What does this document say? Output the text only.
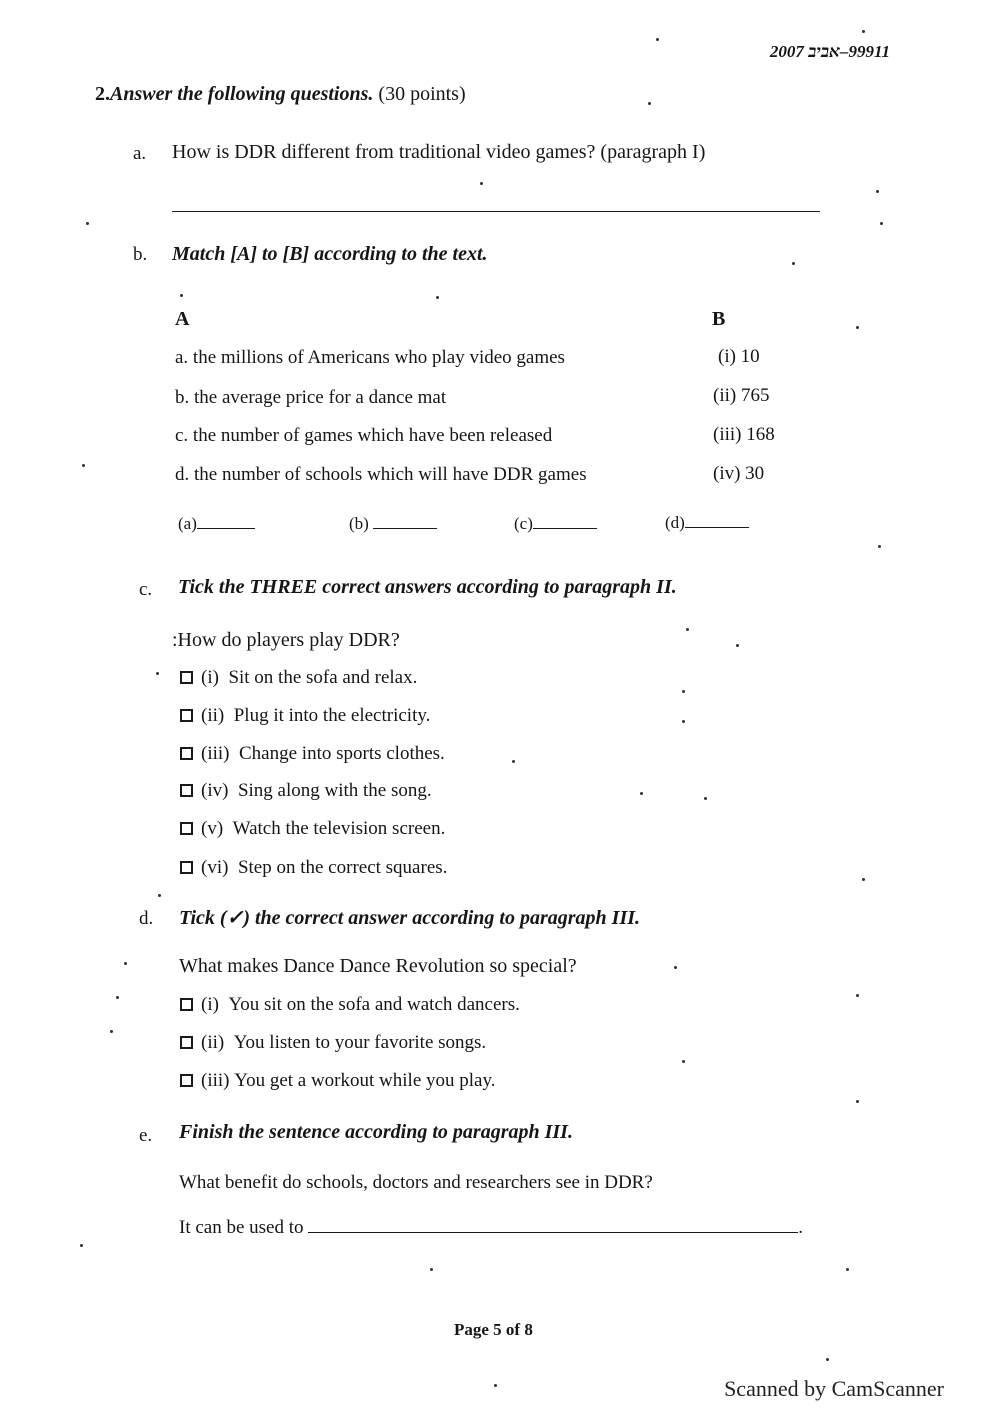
99911–אביב 2007
2.Answer the following questions. (30 points)
a. How is DDR different from traditional video games? (paragraph I)
b. Match [A] to [B] according to the text.
A	B
a. the millions of Americans who play video games	(i) 10
b. the average price for a dance mat	(ii) 765
c. the number of games which have been released	(iii) 168
d. the number of schools which will have DDR games	(iv) 30
(a)	(b)	(c)	(d)
c. Tick the THREE correct answers according to paragraph II.
:How do players play DDR?
(i) Sit on the sofa and relax.
(ii) Plug it into the electricity.
(iii) Change into sports clothes.
(iv) Sing along with the song.
(v) Watch the television screen.
(vi) Step on the correct squares.
d. Tick (✓) the correct answer according to paragraph III.
What makes Dance Dance Revolution so special?
(i) You sit on the sofa and watch dancers.
(ii) You listen to your favorite songs.
(iii) You get a workout while you play.
e. Finish the sentence according to paragraph III.
What benefit do schools, doctors and researchers see in DDR?
It can be used to	.
Page 5 of 8
Scanned by CamScanner
